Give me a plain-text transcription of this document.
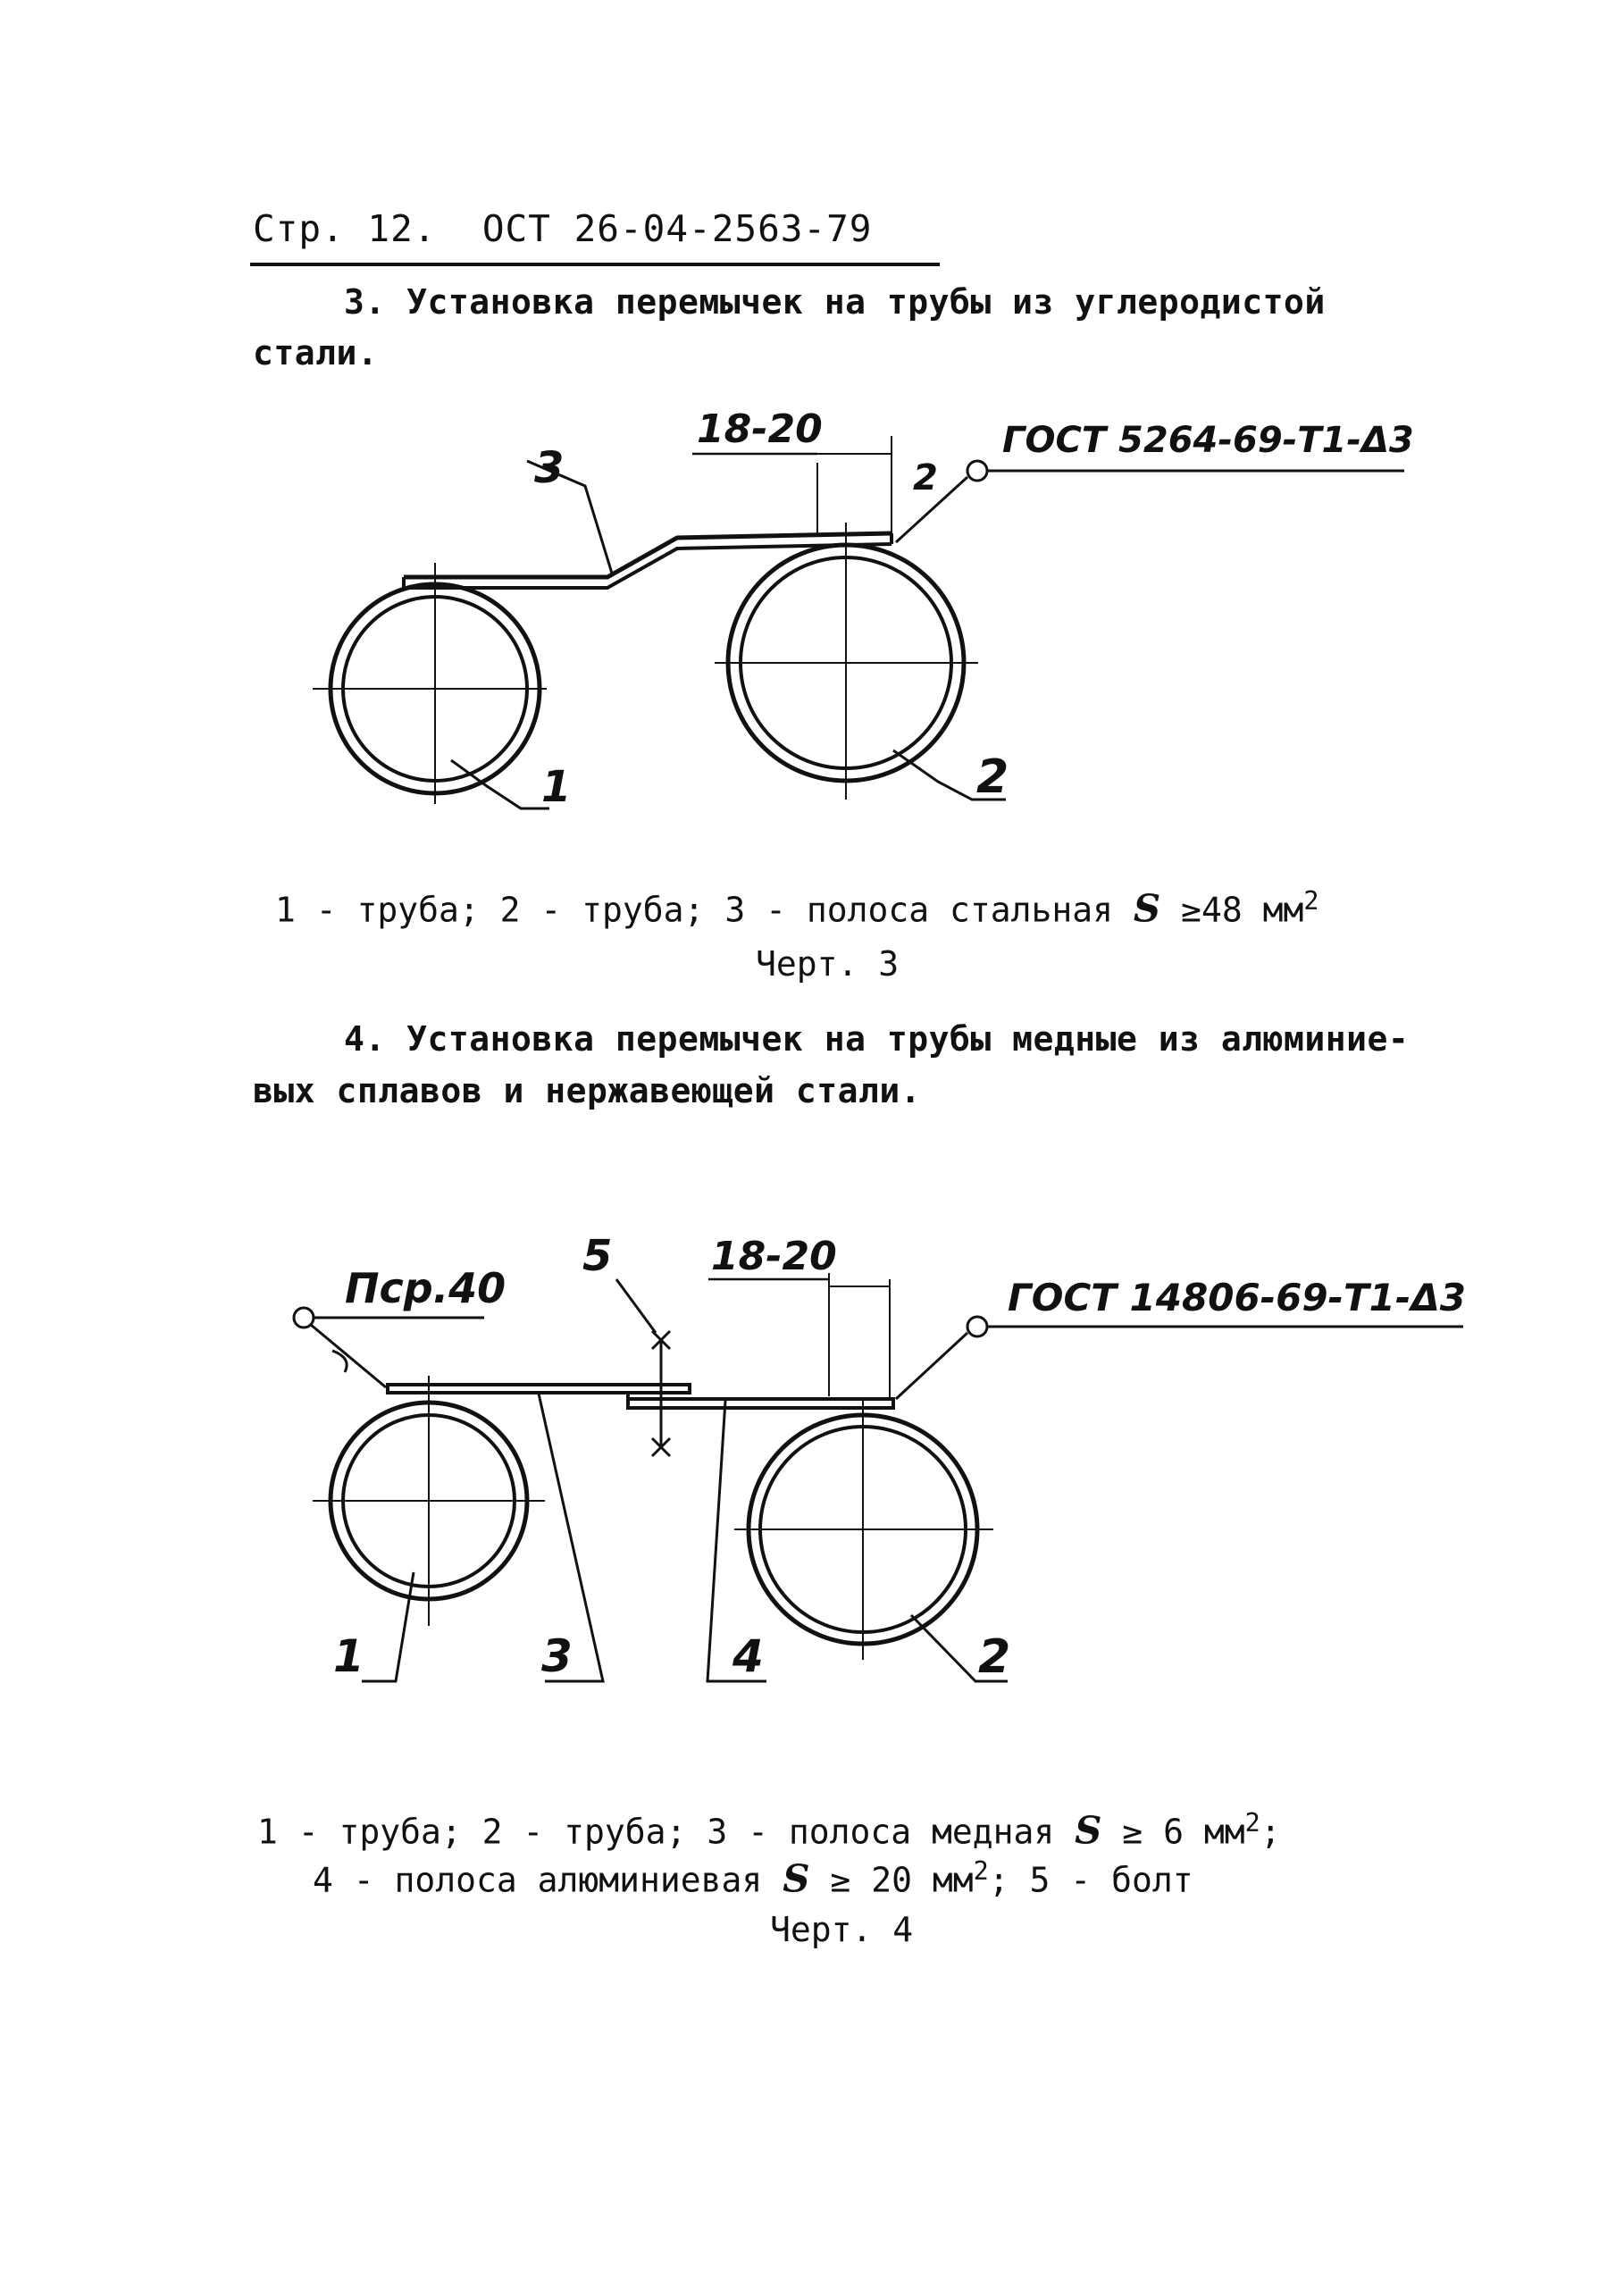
Стр. 12. ОСТ 26-04-2563-79
3. Установка перемычек на трубы из углеродистой
стали.
18-20	ГОСТ 5264-69-Т1-Δ3
2
3
1	2
1 - труба; 2 - труба; 3 - полоса стальная S ≥48 $мм^2$
Черт. 3
4. Установка перемычек на трубы медные из алюминие-
вых сплавов и нержавеющей стали.
Пср.40
5	18-20
ГОСТ 14806-69-Т1-Δ3
1	3	4	2
1 - труба; 2 - труба; 3 - полоса медная S ≥ 6 $мм^2$;
4 - полоса алюминиевая S ≥ 20 $мм^2$; 5 - болт
Черт. 4
